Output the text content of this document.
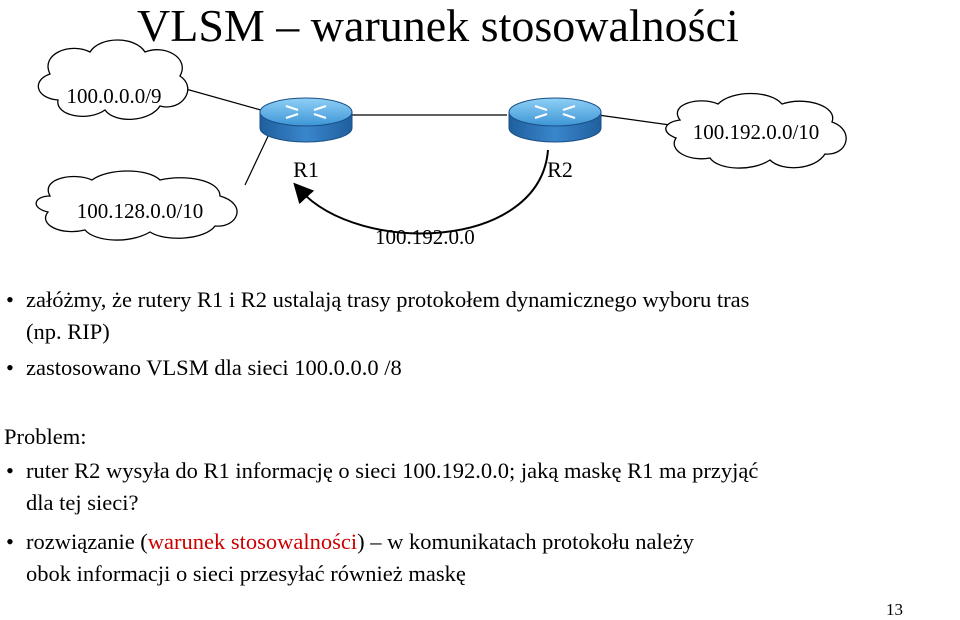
VLSM – warunek stosowalności
100.0.0.0/9
100.128.0.0/10
100.192.0.0/10
R1	R2
100.192.0.0
• załóżmy, że rutery R1 i R2 ustalają trasy protokołem dynamicznego wyboru tras
(np. RIP)
• zastosowano VLSM dla sieci 100.0.0.0 /8
Problem:
• ruter R2 wysyła do R1 informację o sieci 100.192.0.0; jaką maskę R1 ma przyjąć
dla tej sieci?
• rozwiązanie (warunek stosowalności) – w komunikatach protokołu należy
obok informacji o sieci przesyłać również maskę
13
